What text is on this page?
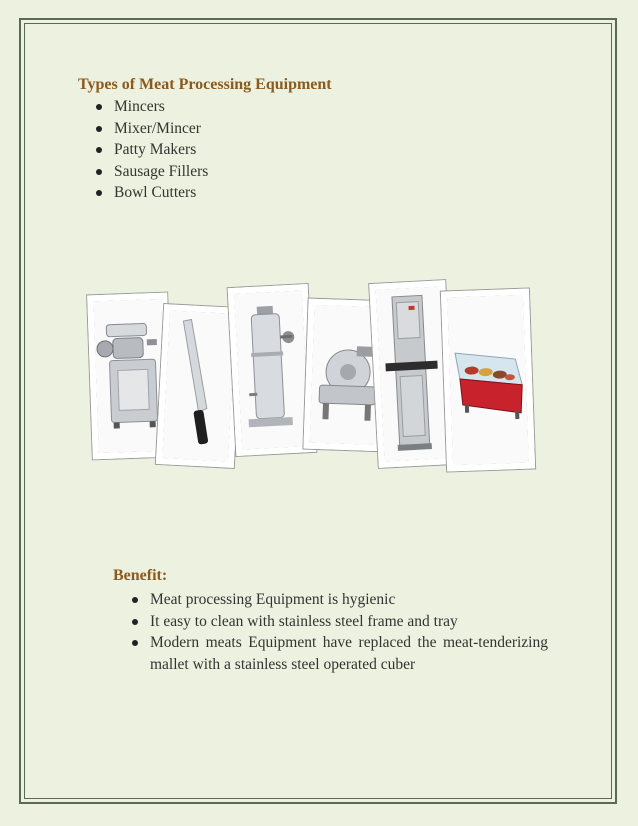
Types of Meat Processing Equipment

Mincers
Mixer/Mincer
Patty Makers
Sausage Fillers
Bowl Cutters

Benefit:

Meat processing Equipment is hygienic
It easy to clean with stainless steel frame and tray
Modern meats Equipment have replaced the meat-tenderizing mallet with a stainless steel operated cuber
